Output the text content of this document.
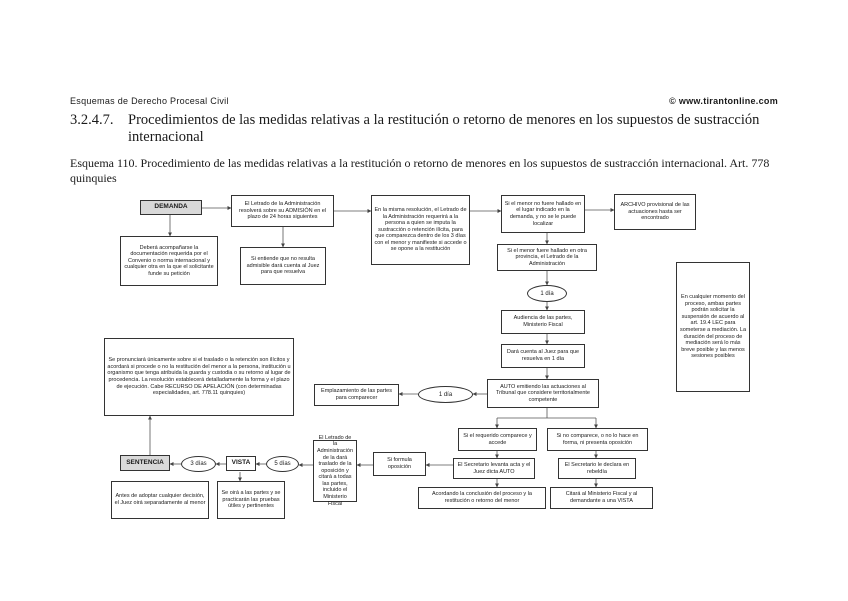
Esquemas de Derecho Procesal Civil	© www.tirantonline.com
3.2.4.7.	Procedimientos de las medidas relativas a la restitución o retorno de menores en los supuestos de sustracción internacional
Esquema 110. Procedimiento de las medidas relativas a la restitución o retorno de menores en los supuestos de sustracción internacional. Art. 778 quinquies
DEMANDA
Deberá acompañarse la documentación requerida por el Convenio o norma internacional y cualquier otra en la que el solicitante funde su petición
El Letrado de la Administración resolverá sobre su ADMISIÓN en el plazo de 24 horas siguientes
Si entiende que no resulta admisible dará cuenta al Juez para que resuelva
En la misma resolución, el Letrado de la Administración requerirá a la persona a quien se imputa la sustracción o retención ilícita, para que comparezca dentro de los 3 días con el menor y manifieste si accede o se opone a la restitución
Si el menor no fuere hallado en el lugar indicado en la demanda, y no se le puede localizar
ARCHIVO provisional de las actuaciones hasta ser encontrado
Si el menor fuere hallado en otra provincia, el Letrado de la Administración
1 día
Audiencia de las partes, Ministerio Fiscal
Dará cuenta al Juez para que resuelva en 1 día
En cualquier momento del proceso, ambas partes podrán solicitar la suspensión de acuerdo al art. 19.4 LEC para someterse a mediación. La duración del proceso de mediación será lo más breve posible y las menos sesiones posibles
AUTO emitiendo las actuaciones al Tribunal que considere territorialmente competente
1 día
Emplazamiento de las partes para comparecer
Se pronunciará únicamente sobre si el traslado o la retención son ilícitos y acordará si procede o no la restitución del menor a la persona, institución u organismo que tenga atribuida la guarda y custodia o su retorno al lugar de procedencia. La resolución establecerá detalladamente la forma y el plazo de ejecución. Cabe RECURSO DE APELACIÓN (con determinadas especialidades, art. 778.11 quinquies)
Si el requerido comparece y accede
Si no comparece, o no lo hace en forma, ni presenta oposición
Si formula oposición	El Secretario levanta acta y el Juez dicta AUTO
El Secretario le declara en rebeldía
Acordando la conclusión del proceso y la restitución o retorno del menor
Citará al Ministerio Fiscal y al demandante a una VISTA
El Letrado de la Administración de la dará traslado de la oposición y citará a todas las partes, incluido el Ministerio Fiscal
5 días
VISTA
3 días
SENTENCIA
Se oirá a las partes y se practicarán las pruebas útiles y pertinentes
Antes de adoptar cualquier decisión, el Juez oirá separadamente al menor
